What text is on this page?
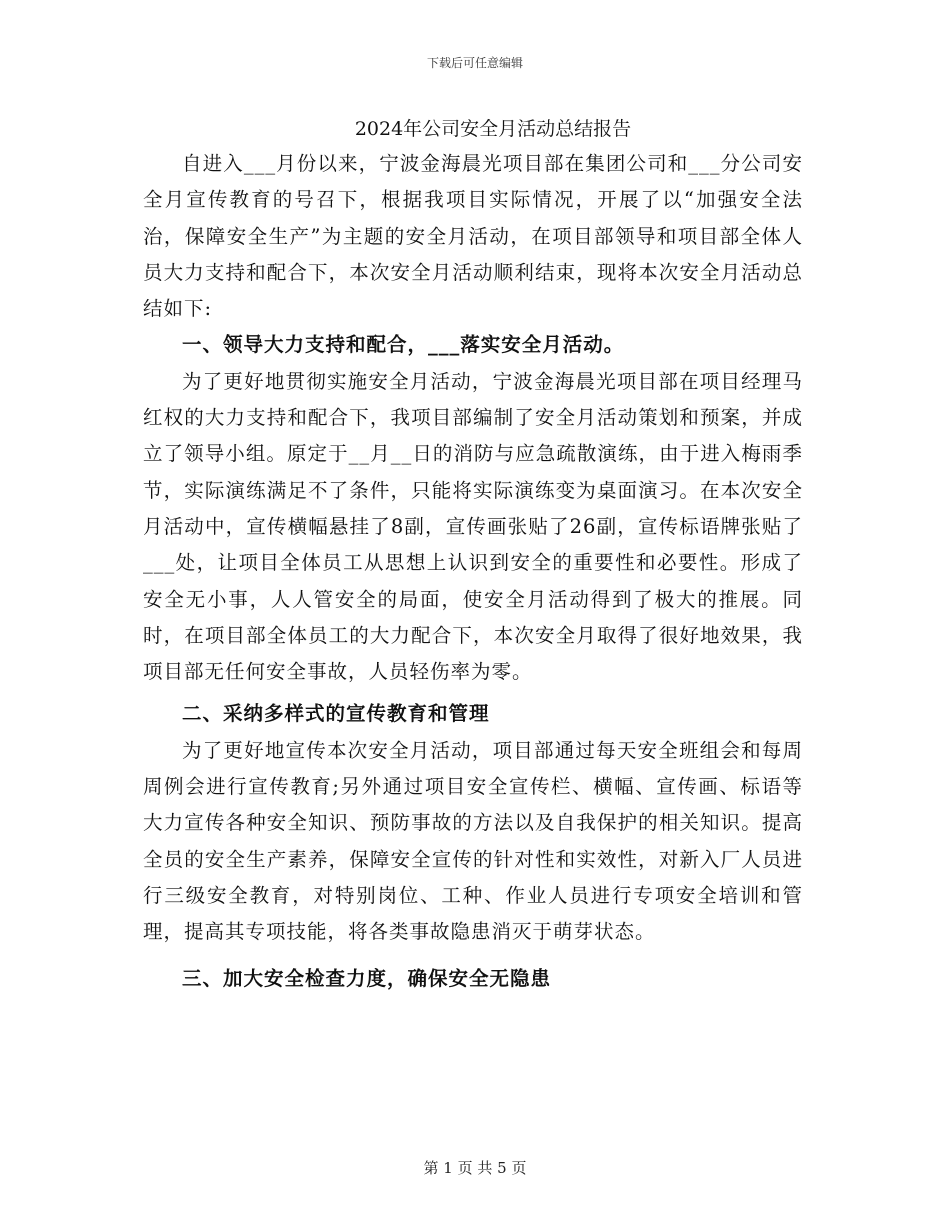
下载后可任意编辑
2024年公司安全月活动总结报告

自进入___月份以来，宁波金海晨光项目部在集团公司和___分公司安全月宣传教育的号召下，根据我项目实际情况，开展了以“加强安全法治，保障安全生产”为主题的安全月活动，在项目部领导和项目部全体人员大力支持和配合下，本次安全月活动顺利结束，现将本次安全月活动总结如下:

一、领导大力支持和配合，___落实安全月活动。

为了更好地贯彻实施安全月活动，宁波金海晨光项目部在项目经理马红权的大力支持和配合下，我项目部编制了安全月活动策划和预案，并成立了领导小组。原定于__月__日的消防与应急疏散演练，由于进入梅雨季节，实际演练满足不了条件，只能将实际演练变为桌面演习。在本次安全月活动中，宣传横幅悬挂了8副，宣传画张贴了26副，宣传标语牌张贴了___处，让项目全体员工从思想上认识到安全的重要性和必要性。形成了安全无小事，人人管安全的局面，使安全月活动得到了极大的推展。同时，在项目部全体员工的大力配合下，本次安全月取得了很好地效果，我项目部无任何安全事故，人员轻伤率为零。

二、采纳多样式的宣传教育和管理

为了更好地宣传本次安全月活动，项目部通过每天安全班组会和每周周例会进行宣传教育;另外通过项目安全宣传栏、横幅、宣传画、标语等大力宣传各种安全知识、预防事故的方法以及自我保护的相关知识。提高全员的安全生产素养，保障安全宣传的针对性和实效性，对新入厂人员进行三级安全教育，对特别岗位、工种、作业人员进行专项安全培训和管理，提高其专项技能，将各类事故隐患消灭于萌芽状态。

三、加大安全检查力度，确保安全无隐患

第 1 页 共 5 页
